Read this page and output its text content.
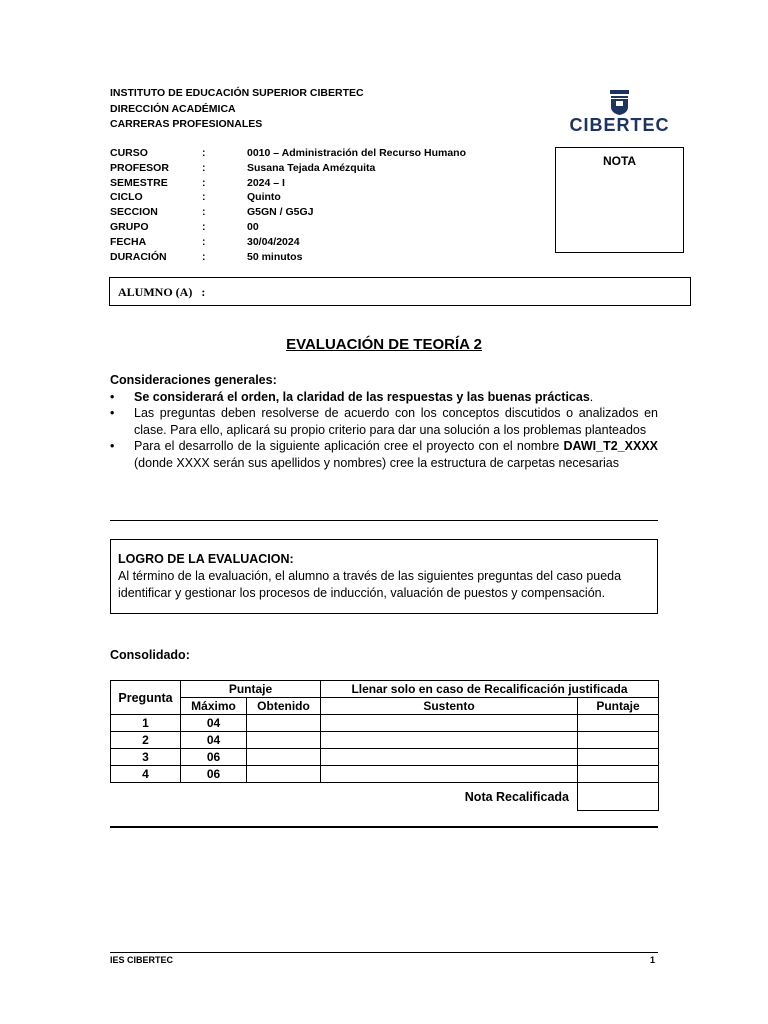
INSTITUTO DE EDUCACIÓN SUPERIOR CIBERTEC
DIRECCIÓN ACADÉMICA
CARRERAS PROFESIONALES	CIBERTEC
CURSO	:	0010 – Administración del Recurso Humano
PROFESOR	:	Susana Tejada Amézquita
SEMESTRE	:	2024 – I
CICLO	:	Quinto
SECCION	:	G5GN / G5GJ
GRUPO	:	00
FECHA	:	30/04/2024
DURACIÓN	:	50 minutos
NOTA
ALUMNO (A)   :
EVALUACIÓN DE TEORÍA 2
Consideraciones generales:
•	Se considerará el orden, la claridad de las respuestas y las buenas prácticas.
•	Las preguntas deben resolverse de acuerdo con los conceptos discutidos o analizados en clase. Para ello, aplicará su propio criterio para dar una solución a los problemas planteados
•	Para el desarrollo de la siguiente aplicación cree el proyecto con el nombre DAWI_T2_XXXX (donde XXXX serán sus apellidos y nombres) cree la estructura de carpetas necesarias
LOGRO DE LA EVALUACION:
Al término de la evaluación, el alumno a través de las siguientes preguntas del caso pueda identificar y gestionar los procesos de inducción, valuación de puestos y compensación.
Consolidado:
Pregunta	Puntaje		Llenar solo en caso de Recalificación justificada	
	Máximo	Obtenido	Sustento	Puntaje
1	04			
2	04			
3	06			
4	06			
Nota Recalificada				
IES CIBERTEC	1
